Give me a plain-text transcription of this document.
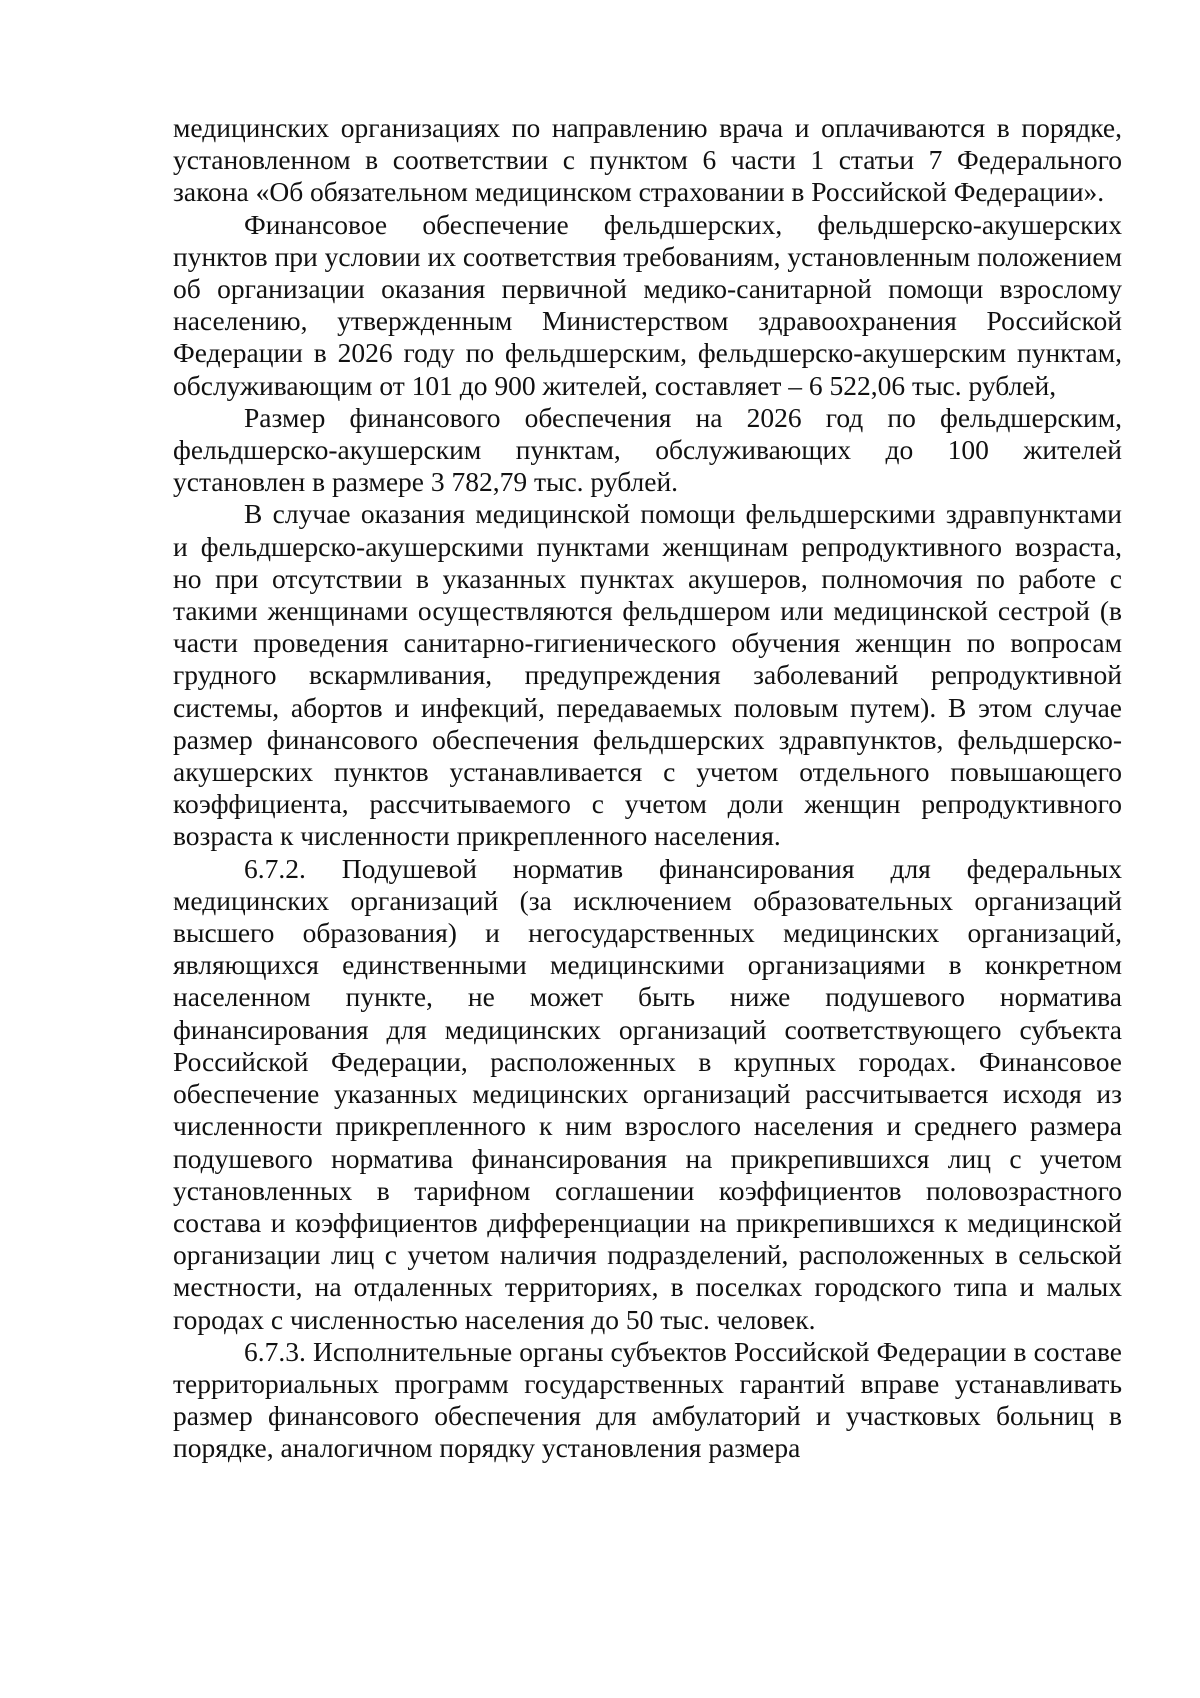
медицинских организациях по направлению врача и оплачиваются в порядке, установленном в соответствии с пунктом 6 части 1 статьи 7 Федерального закона «Об обязательном медицинском страховании в Российской Федерации».

Финансовое обеспечение фельдшерских, фельдшерско-акушерских пунктов при условии их соответствия требованиям, установленным положением об организации оказания первичной медико-санитарной помощи взрослому населению, утвержденным Министерством здравоохранения Российской Федерации в 2026 году по фельдшерским, фельдшерско-акушерским пунктам, обслуживающим от 101 до 900 жителей, составляет – 6 522,06 тыс. рублей,

Размер финансового обеспечения на 2026 год по фельдшерским, фельдшерско-акушерским пунктам, обслуживающих до 100 жителей установлен в размере 3 782,79 тыс. рублей.

В случае оказания медицинской помощи фельдшерскими здравпунктами и фельдшерско-акушерскими пунктами женщинам репродуктивного возраста, но при отсутствии в указанных пунктах акушеров, полномочия по работе с такими женщинами осуществляются фельдшером или медицинской сестрой (в части проведения санитарно-гигиенического обучения женщин по вопросам грудного вскармливания, предупреждения заболеваний репродуктивной системы, абортов и инфекций, передаваемых половым путем). В этом случае размер финансового обеспечения фельдшерских здравпунктов, фельдшерско-акушерских пунктов устанавливается с учетом отдельного повышающего коэффициента, рассчитываемого с учетом доли женщин репродуктивного возраста к численности прикрепленного населения.

6.7.2. Подушевой норматив финансирования для федеральных медицинских организаций (за исключением образовательных организаций высшего образования) и негосударственных медицинских организаций, являющихся единственными медицинскими организациями в конкретном населенном пункте, не может быть ниже подушевого норматива финансирования для медицинских организаций соответствующего субъекта Российской Федерации, расположенных в крупных городах. Финансовое обеспечение указанных медицинских организаций рассчитывается исходя из численности прикрепленного к ним взрослого населения и среднего размера подушевого норматива финансирования на прикрепившихся лиц с учетом установленных в тарифном соглашении коэффициентов половозрастного состава и коэффициентов дифференциации на прикрепившихся к медицинской организации лиц с учетом наличия подразделений, расположенных в сельской местности, на отдаленных территориях, в поселках городского типа и малых городах с численностью населения до 50 тыс. человек.

6.7.3. Исполнительные органы субъектов Российской Федерации в составе территориальных программ государственных гарантий вправе устанавливать размер финансового обеспечения для амбулаторий и участковых больниц в порядке, аналогичном порядку установления размера
